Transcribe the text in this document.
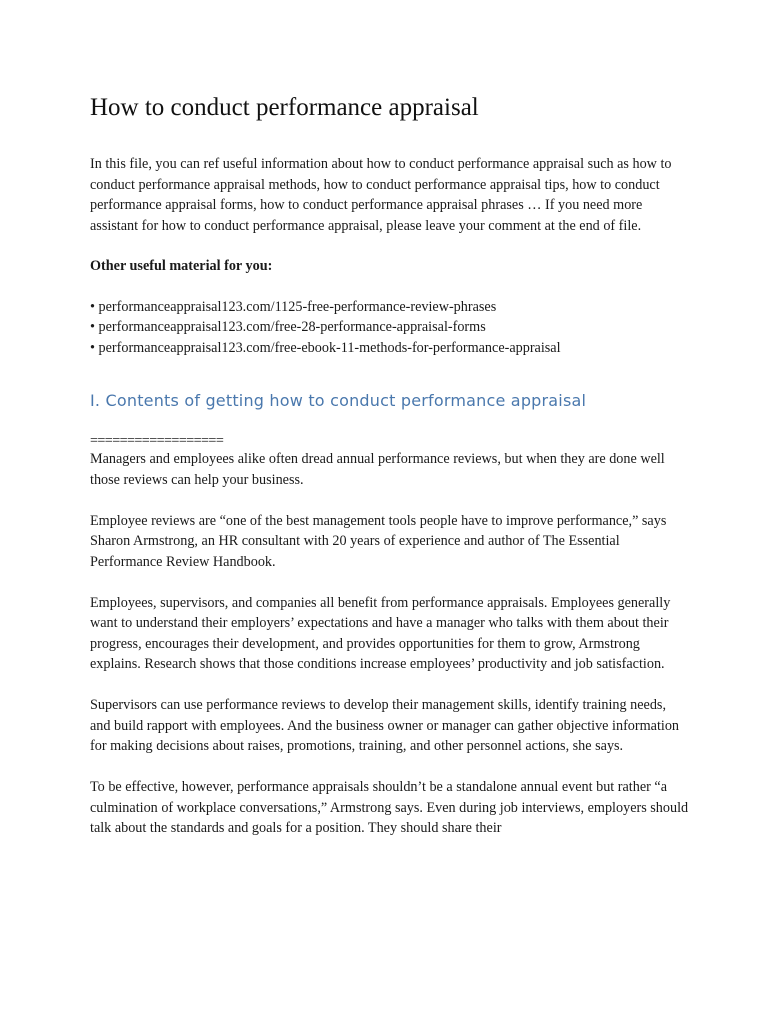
How to conduct performance appraisal

In this file, you can ref useful information about how to conduct performance appraisal such as how to conduct performance appraisal methods, how to conduct performance appraisal tips, how to conduct performance appraisal forms, how to conduct performance appraisal phrases … If you need more assistant for how to conduct performance appraisal, please leave your comment at the end of file.

Other useful material for you:

• performanceappraisal123.com/1125-free-performance-review-phrases
• performanceappraisal123.com/free-28-performance-appraisal-forms
• performanceappraisal123.com/free-ebook-11-methods-for-performance-appraisal
I. Contents of getting how to conduct performance appraisal

==================

Managers and employees alike often dread annual performance reviews, but when they are done well those reviews can help your business.

Employee reviews are “one of the best management tools people have to improve performance,” says Sharon Armstrong, an HR consultant with 20 years of experience and author of The Essential Performance Review Handbook.

Employees, supervisors, and companies all benefit from performance appraisals. Employees generally want to understand their employers’ expectations and have a manager who talks with them about their progress, encourages their development, and provides opportunities for them to grow, Armstrong explains. Research shows that those conditions increase employees’ productivity and job satisfaction.

Supervisors can use performance reviews to develop their management skills, identify training needs, and build rapport with employees. And the business owner or manager can gather objective information for making decisions about raises, promotions, training, and other personnel actions, she says.

To be effective, however, performance appraisals shouldn’t be a standalone annual event but rather “a culmination of workplace conversations,” Armstrong says. Even during job interviews, employers should talk about the standards and goals for a position. They should share their
